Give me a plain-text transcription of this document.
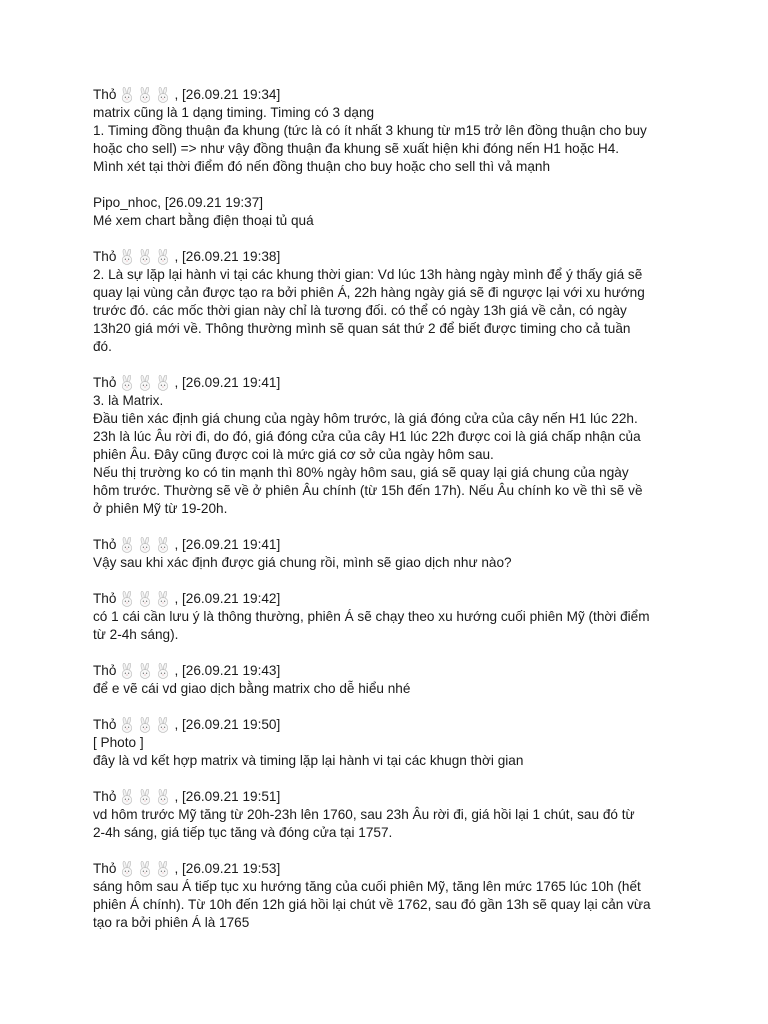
Thỏ	, [26.09.21 19:34]
matrix cũng là 1 dạng timing. Timing có 3 dạng
1. Timing đồng thuận đa khung (tức là có ít nhất 3 khung từ m15 trở lên đồng thuận cho buy
hoặc cho sell) => như vậy đồng thuận đa khung sẽ xuất hiện khi đóng nến H1 hoặc H4.
Mình xét tại thời điểm đó nến đồng thuận cho buy hoặc cho sell thì vả mạnh
Pipo_nhoc , [26.09.21 19:37]
Mé xem chart bằng điện thoại tủ quá
Thỏ	, [26.09.21 19:38]
2. Là sự lặp lại hành vi tại các khung thời gian: Vd lúc 13h hàng ngày mình để ý thấy giá sẽ
quay lại vùng cản được tạo ra bởi phiên Á, 22h hàng ngày giá sẽ đi ngược lại với xu hướng
trước đó. các mốc thời gian này chỉ là tương đối. có thể có ngày 13h giá về cản, có ngày
13h20 giá mới về. Thông thường mình sẽ quan sát thứ 2 để biết được timing cho cả tuần
đó.
Thỏ	, [26.09.21 19:41]
3. là Matrix.
Đầu tiên xác định giá chung của ngày hôm trước, là giá đóng cửa của cây nến H1 lúc 22h.
23h là lúc Âu rời đi, do đó, giá đóng cửa của cây H1 lúc 22h được coi là giá chấp nhận của
phiên Âu. Đây cũng được coi là mức giá cơ sở của ngày hôm sau.
Nếu thị trường ko có tin mạnh thì 80% ngày hôm sau, giá sẽ quay lại giá chung của ngày
hôm trước. Thường sẽ về ở phiên Âu chính (từ 15h đến 17h). Nếu Âu chính ko về thì sẽ về
ở phiên Mỹ từ 19-20h.
Thỏ	, [26.09.21 19:41]
Vậy sau khi xác định được giá chung rồi, mình sẽ giao dịch như nào?
Thỏ	, [26.09.21 19:42]
có 1 cái cần lưu ý là thông thường, phiên Á sẽ chạy theo xu hướng cuối phiên Mỹ (thời điểm
từ 2-4h sáng).
Thỏ	, [26.09.21 19:43]
để e vẽ cái vd giao dịch bằng matrix cho dễ hiểu nhé
Thỏ	, [26.09.21 19:50]
[ Photo ]
đây là vd kết hợp matrix và timing lặp lại hành vi tại các khugn thời gian
Thỏ	, [26.09.21 19:51]
vd hôm trước Mỹ tăng từ 20h-23h lên 1760, sau 23h Âu rời đi, giá hồi lại 1 chút, sau đó từ
2-4h sáng, giá tiếp tục tăng và đóng cửa tại 1757.
Thỏ	, [26.09.21 19:53]
sáng hôm sau Á tiếp tục xu hướng tăng của cuối phiên Mỹ, tăng lên mức 1765 lúc 10h (hết
phiên Á chính). Từ 10h đến 12h giá hồi lại chút về 1762, sau đó gần 13h sẽ quay lại cản vừa
tạo ra bởi phiên Á là 1765
